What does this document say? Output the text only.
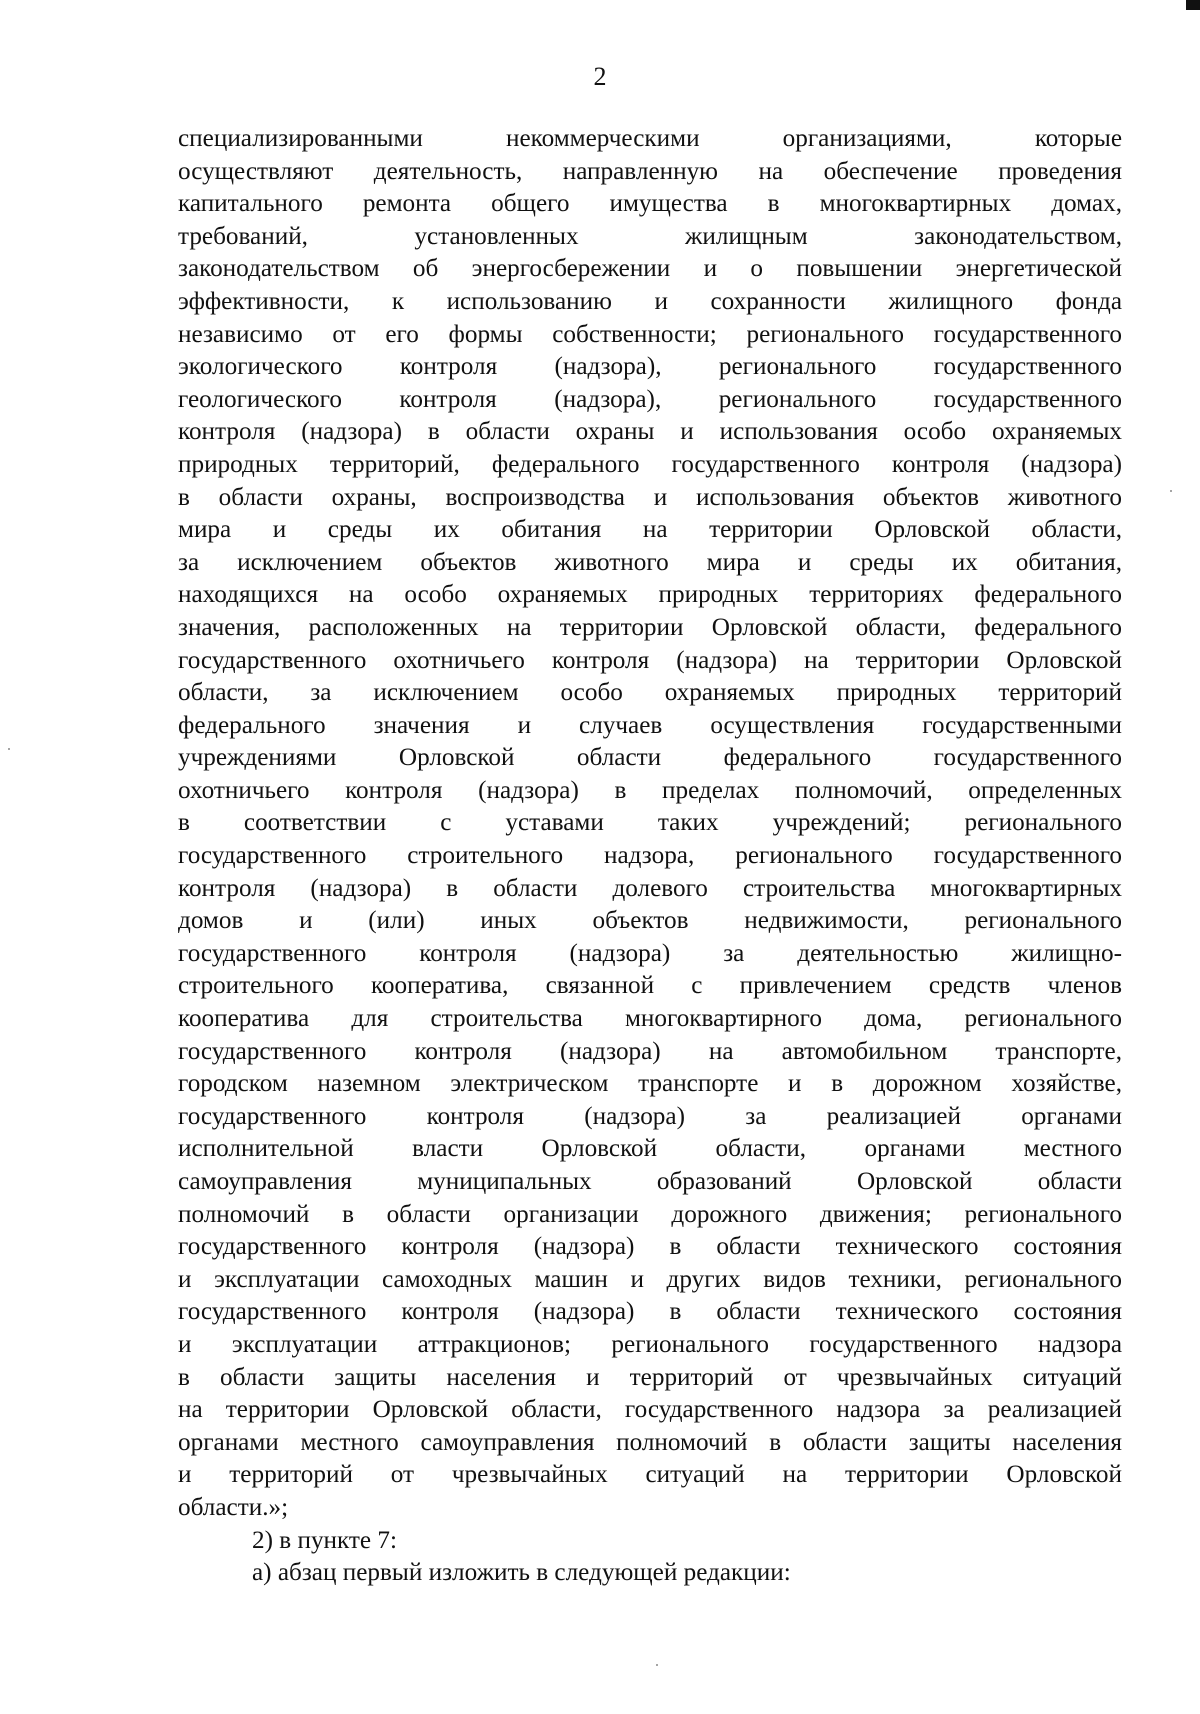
2
специализированными некоммерческими организациями, которые
осуществляют деятельность, направленную на обеспечение проведения
капитального ремонта общего имущества в многоквартирных домах,
требований, установленных жилищным законодательством,
законодательством об энергосбережении и о повышении энергетической
эффективности, к использованию и сохранности жилищного фонда
независимо от его формы собственности; регионального государственного
экологического контроля (надзора), регионального государственного
геологического контроля (надзора), регионального государственного
контроля (надзора) в области охраны и использования особо охраняемых
природных территорий, федерального государственного контроля (надзора)
в области охраны, воспроизводства и использования объектов животного
мира и среды их обитания на территории Орловской области,
за исключением объектов животного мира и среды их обитания,
находящихся на особо охраняемых природных территориях федерального
значения, расположенных на территории Орловской области, федерального
государственного охотничьего контроля (надзора) на территории Орловской
области, за исключением особо охраняемых природных территорий
федерального значения и случаев осуществления государственными
учреждениями Орловской области федерального государственного
охотничьего контроля (надзора) в пределах полномочий, определенных
в соответствии с уставами таких учреждений; регионального
государственного строительного надзора, регионального государственного
контроля (надзора) в области долевого строительства многоквартирных
домов и (или) иных объектов недвижимости, регионального
государственного контроля (надзора) за деятельностью жилищно-
строительного кооператива, связанной с привлечением средств членов
кооператива для строительства многоквартирного дома, регионального
государственного контроля (надзора) на автомобильном транспорте,
городском наземном электрическом транспорте и в дорожном хозяйстве,
государственного контроля (надзора) за реализацией органами
исполнительной власти Орловской области, органами местного
самоуправления муниципальных образований Орловской области
полномочий в области организации дорожного движения; регионального
государственного контроля (надзора) в области технического состояния
и эксплуатации самоходных машин и других видов техники, регионального
государственного контроля (надзора) в области технического состояния
и эксплуатации аттракционов; регионального государственного надзора
в области защиты населения и территорий от чрезвычайных ситуаций
на территории Орловской области, государственного надзора за реализацией
органами местного самоуправления полномочий в области защиты населения
и территорий от чрезвычайных ситуаций на территории Орловской
области.»;
2) в пункте 7:
а) абзац первый изложить в следующей редакции:
